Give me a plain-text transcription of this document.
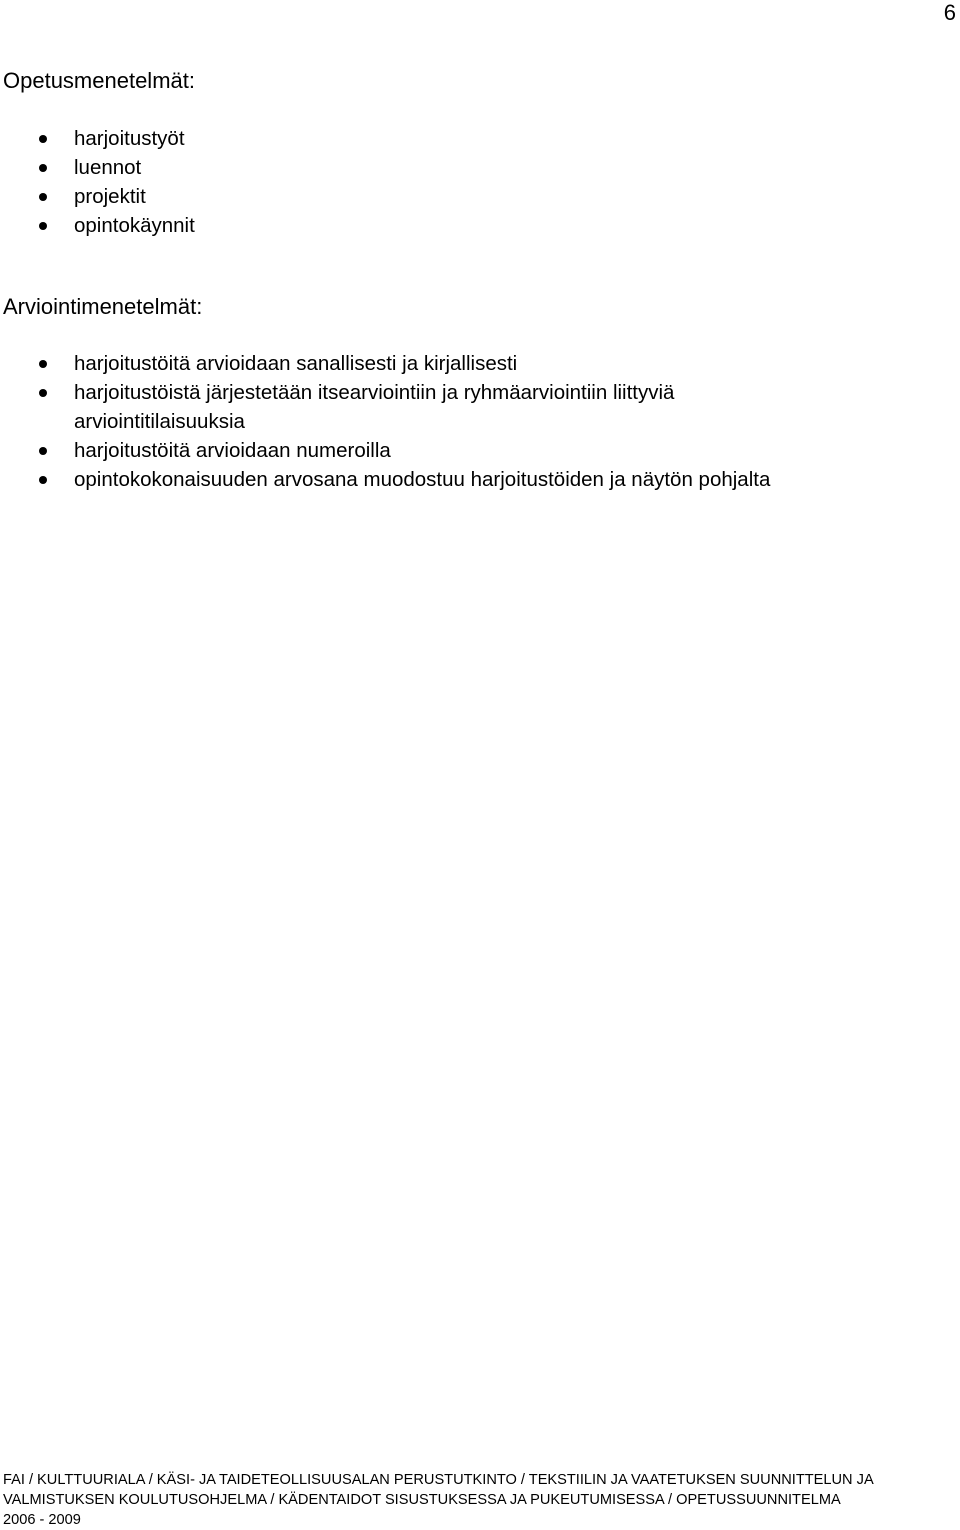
6
Opetusmenetelmät:
harjoitustyöt
luennot
projektit
opintokäynnit
Arviointimenetelmät:
harjoitustöitä arvioidaan sanallisesti ja kirjallisesti
harjoitustöistä järjestetään itsearviointiin ja ryhmäarviointiin liittyviä arviointitilaisuuksia
harjoitustöitä arvioidaan numeroilla
opintokokonaisuuden arvosana muodostuu harjoitustöiden ja näytön pohjalta
FAI / KULTTUURIALA / KÄSI- JA TAIDETEOLLISUUSALAN PERUSTUTKINTO / TEKSTIILIN JA VAATETUKSEN SUUNNITTELUN JA
VALMISTUKSEN KOULUTUSOHJELMA / KÄDENTAIDOT SISUSTUKSESSA JA PUKEUTUMISESSA / OPETUSSUUNNITELMA
2006 - 2009
